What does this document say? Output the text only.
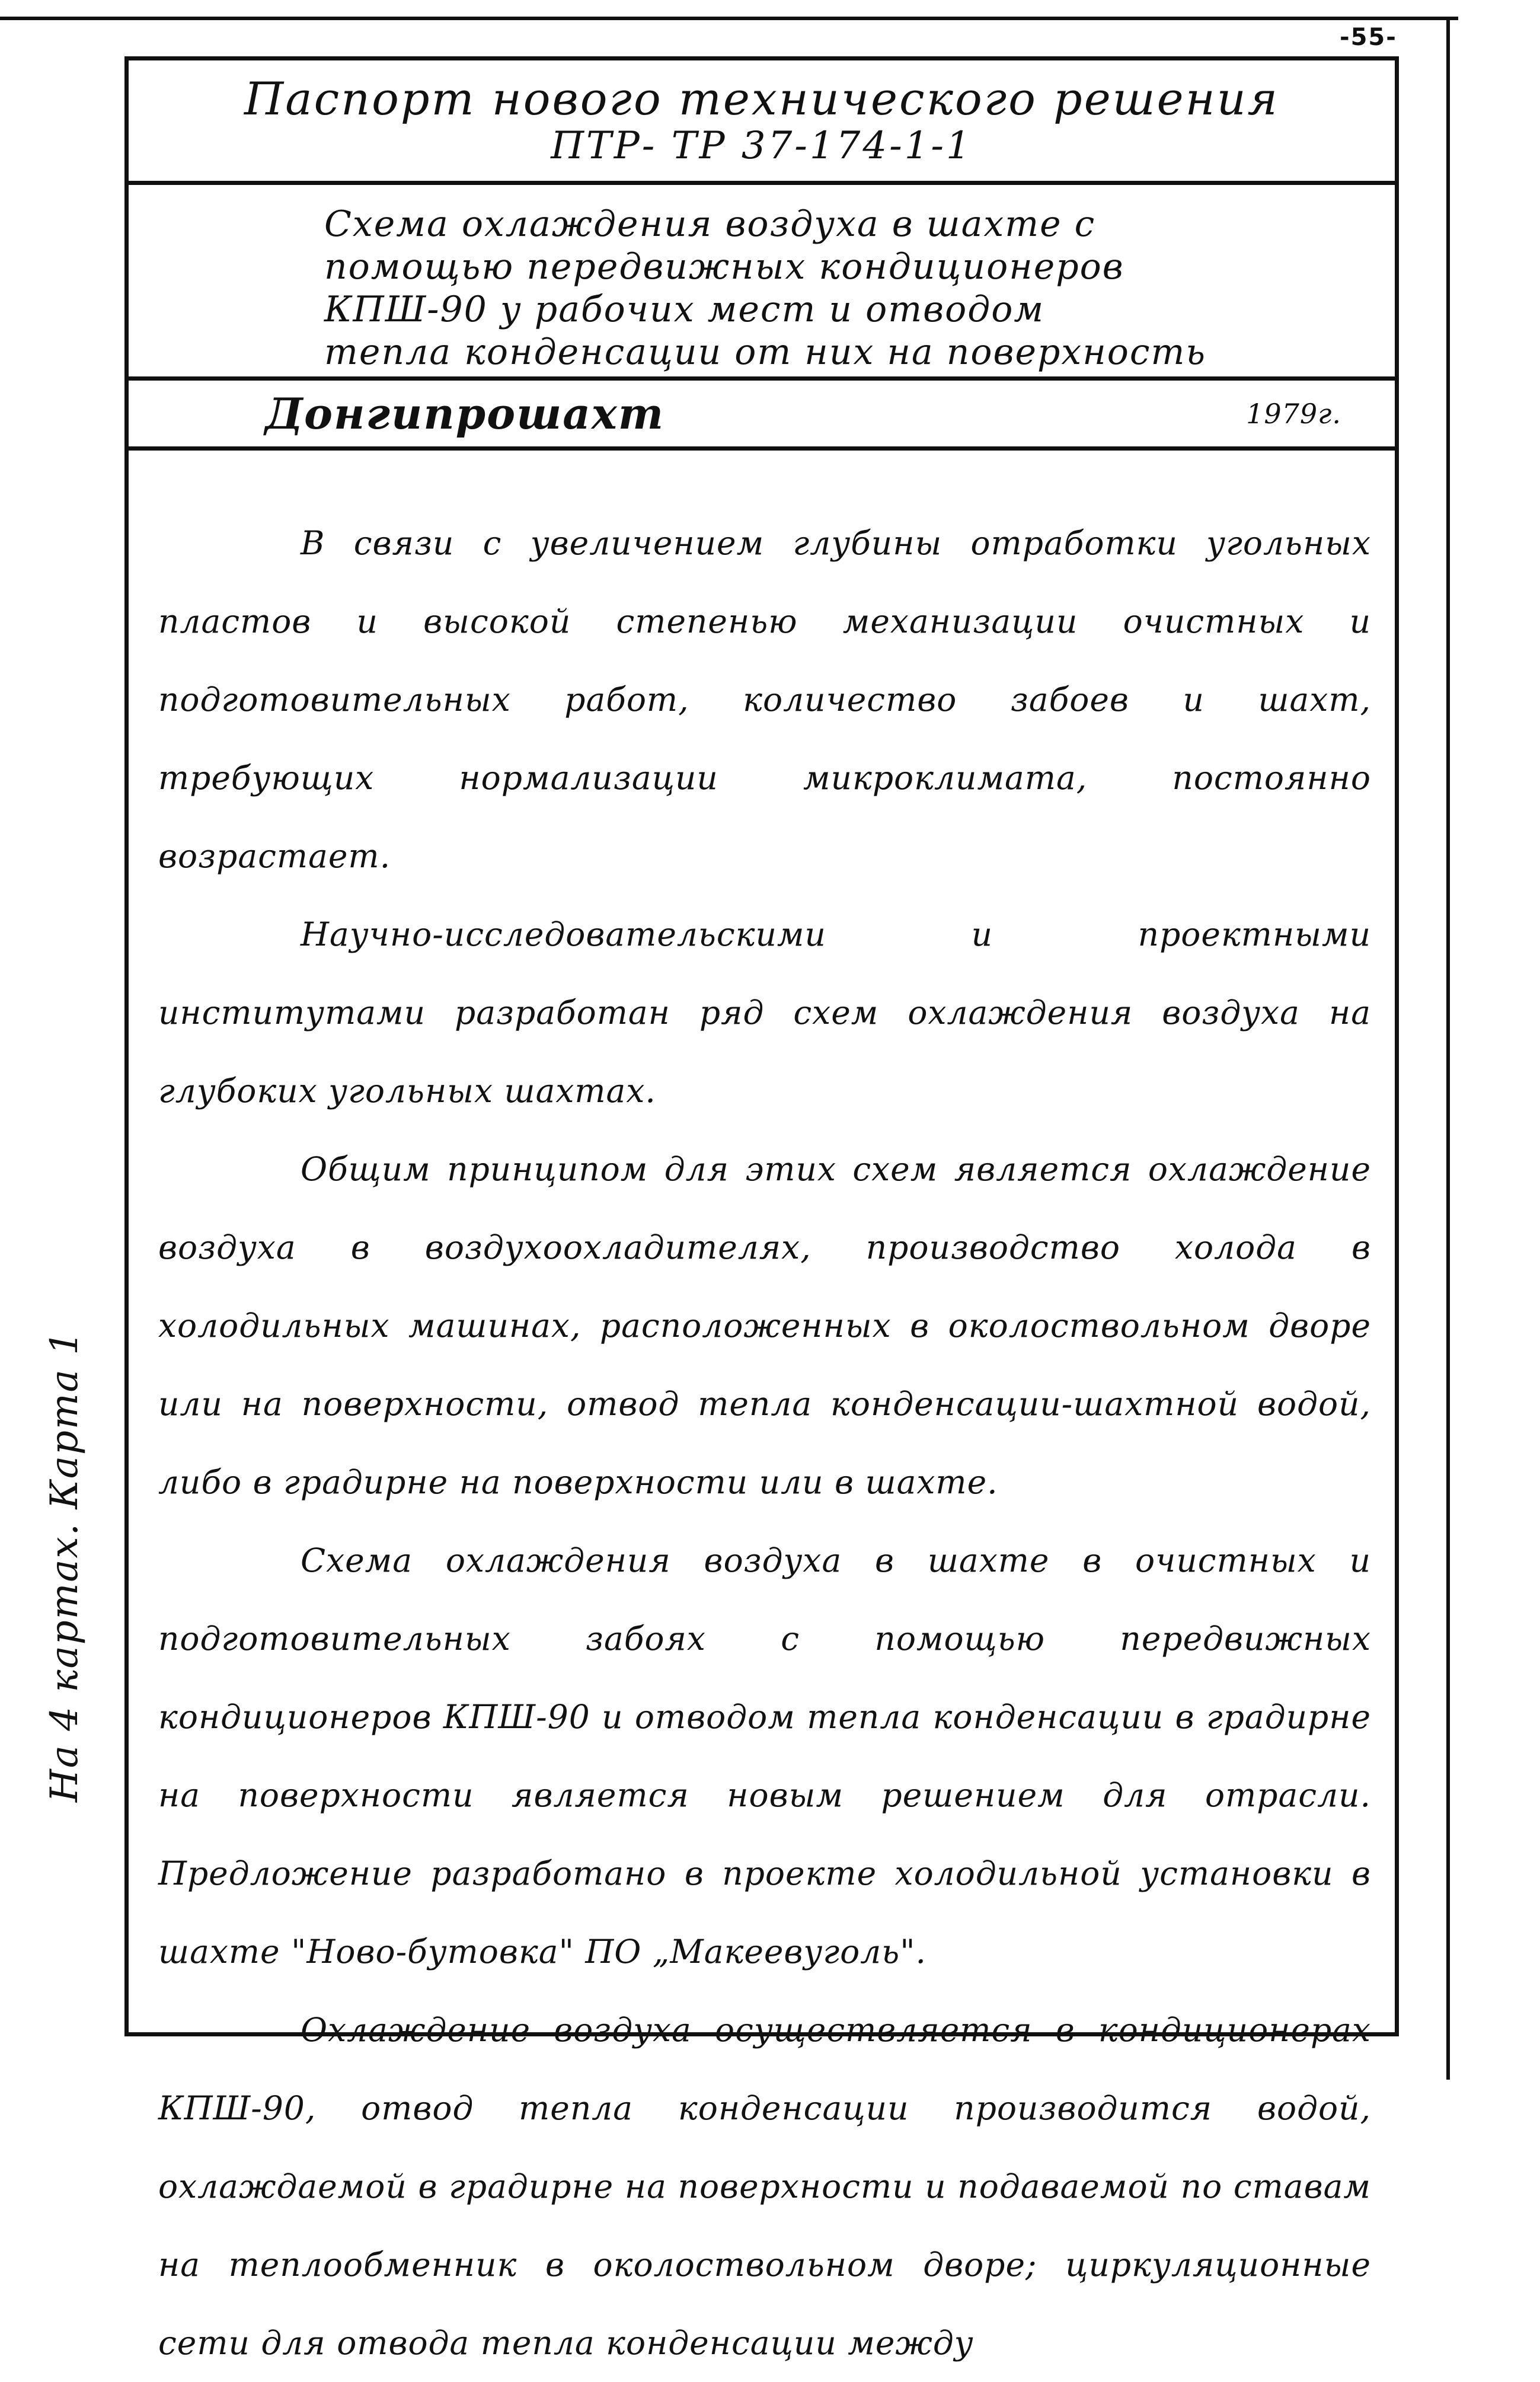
-55-
На 4 картах. Карта 1
Паспорт нового технического решения
ПТР- ТР 37-174-1-1
Схема охлаждения воздуха в шахте с
помощью передвижных кондиционеров
КПШ-90 у рабочих мест и отводом
тепла конденсации от них на поверхность
Донгипрошахт	1979г.

В связи с увеличением глубины отработки угольных пластов и высокой степенью механизации очистных и подготовительных работ, количество забоев и шахт, требующих нормализации микроклимата, постоянно возрастает.

Научно-исследовательскими и проектными институтами разработан ряд схем охлаждения воздуха на глубоких угольных шахтах.

Общим принципом для этих схем является охлаждение воздуха в воздухоохладителях, производство холода в холодильных машинах, расположенных в околоствольном дворе или на поверхности, отвод тепла конденсации-шахтной водой, либо в градирне на поверхности или в шахте.

Схема охлаждения воздуха в шахте в очистных и подготовительных забоях с помощью передвижных кондиционеров КПШ-90 и отводом тепла конденсации в градирне на поверхности является новым решением для отрасли. Предложение разработано в проекте холодильной установки в шахте "Ново-бутовка" ПО „Макеевуголь".

Охлаждение воздуха осуществляется в кондиционерах КПШ-90, отвод тепла конденсации производится водой, охлаждаемой в градирне на поверхности и подаваемой по ставам на теплообменник в околоствольном дворе; циркуляционные сети для отвода тепла конденсации между
